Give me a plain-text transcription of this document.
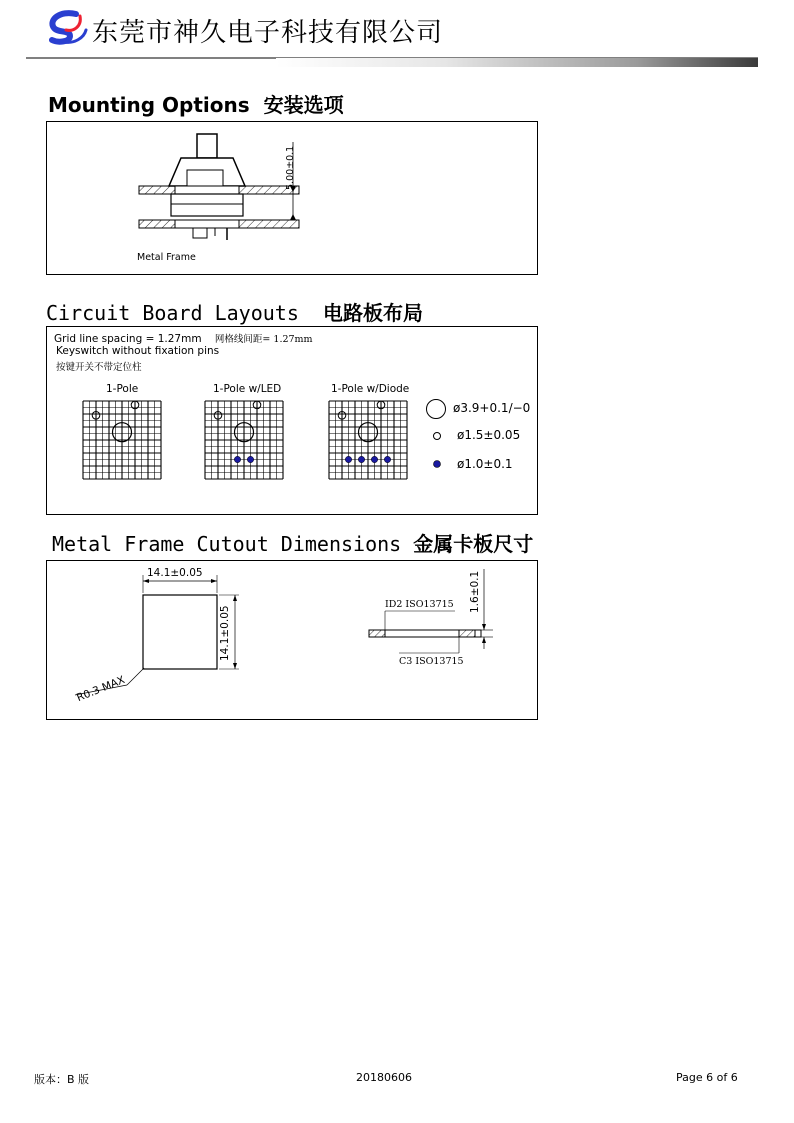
东莞市神久电子科技有限公司
Mounting Options 安装选项
5.00±0.1
Metal Frame
Circuit Board Layouts 电路板布局
Grid line spacing = 1.27mm 网格线间距= 1.27mm
Keyswitch without fixation pins
按键开关不带定位柱
1-Pole	1-Pole w/LED	1-Pole w/Diode
ø3.9+0.1/−0
ø1.5±0.05
ø1.0±0.1
Metal Frame Cutout Dimensions 金属卡板尺寸
14.1±0.05
14.1±0.05
R0.3 MAX
1.6±0.1
ID2 ISO13715
C3 ISO13715
版本：B 版	20180606	Page 6 of 6
